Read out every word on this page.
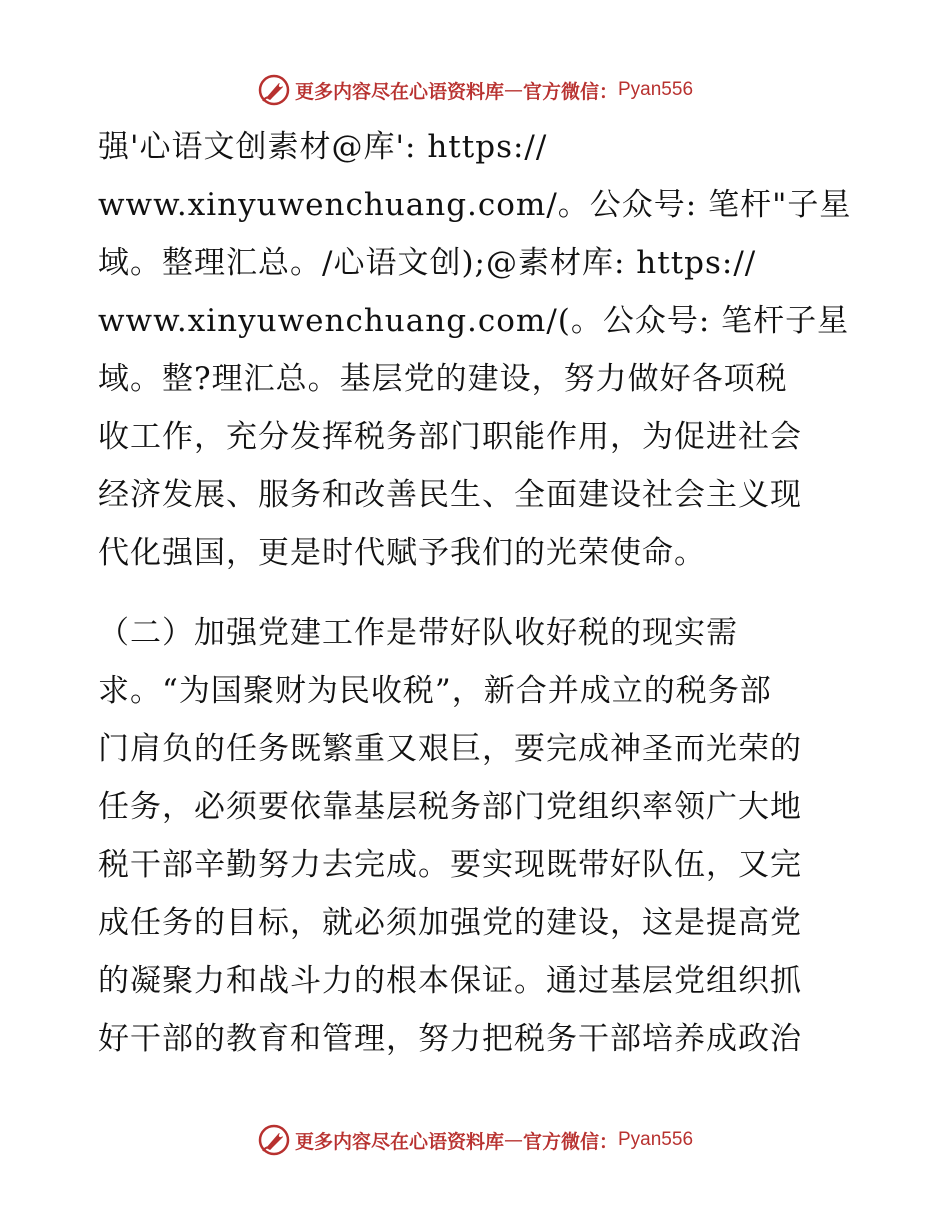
更多内容尽在心语资料库 — 官方微信： Pyan556
强'心语文创素材@库': https://
www.xinyuwenchuang.com/。公众号: 笔杆"子星
域。整理汇总。/心语文创);@素材库: https://
www.xinyuwenchuang.com/(。公众号: 笔杆子星
域。整?理汇总。基层党的建设，努力做好各项税
收工作，充分发挥税务部门职能作用，为促进社会
经济发展、服务和改善民生、全面建设社会主义现
代化强国，更是时代赋予我们的光荣使命。
（二）加强党建工作是带好队收好税的现实需
求。“为国聚财为民收税”，新合并成立的税务部
门肩负的任务既繁重又艰巨，要完成神圣而光荣的
任务，必须要依靠基层税务部门党组织率领广大地
税干部辛勤努力去完成。要实现既带好队伍，又完
成任务的目标，就必须加强党的建设，这是提高党
的凝聚力和战斗力的根本保证。通过基层党组织抓
好干部的教育和管理，努力把税务干部培养成政治
更多内容尽在心语资料库 — 官方微信： Pyan556
